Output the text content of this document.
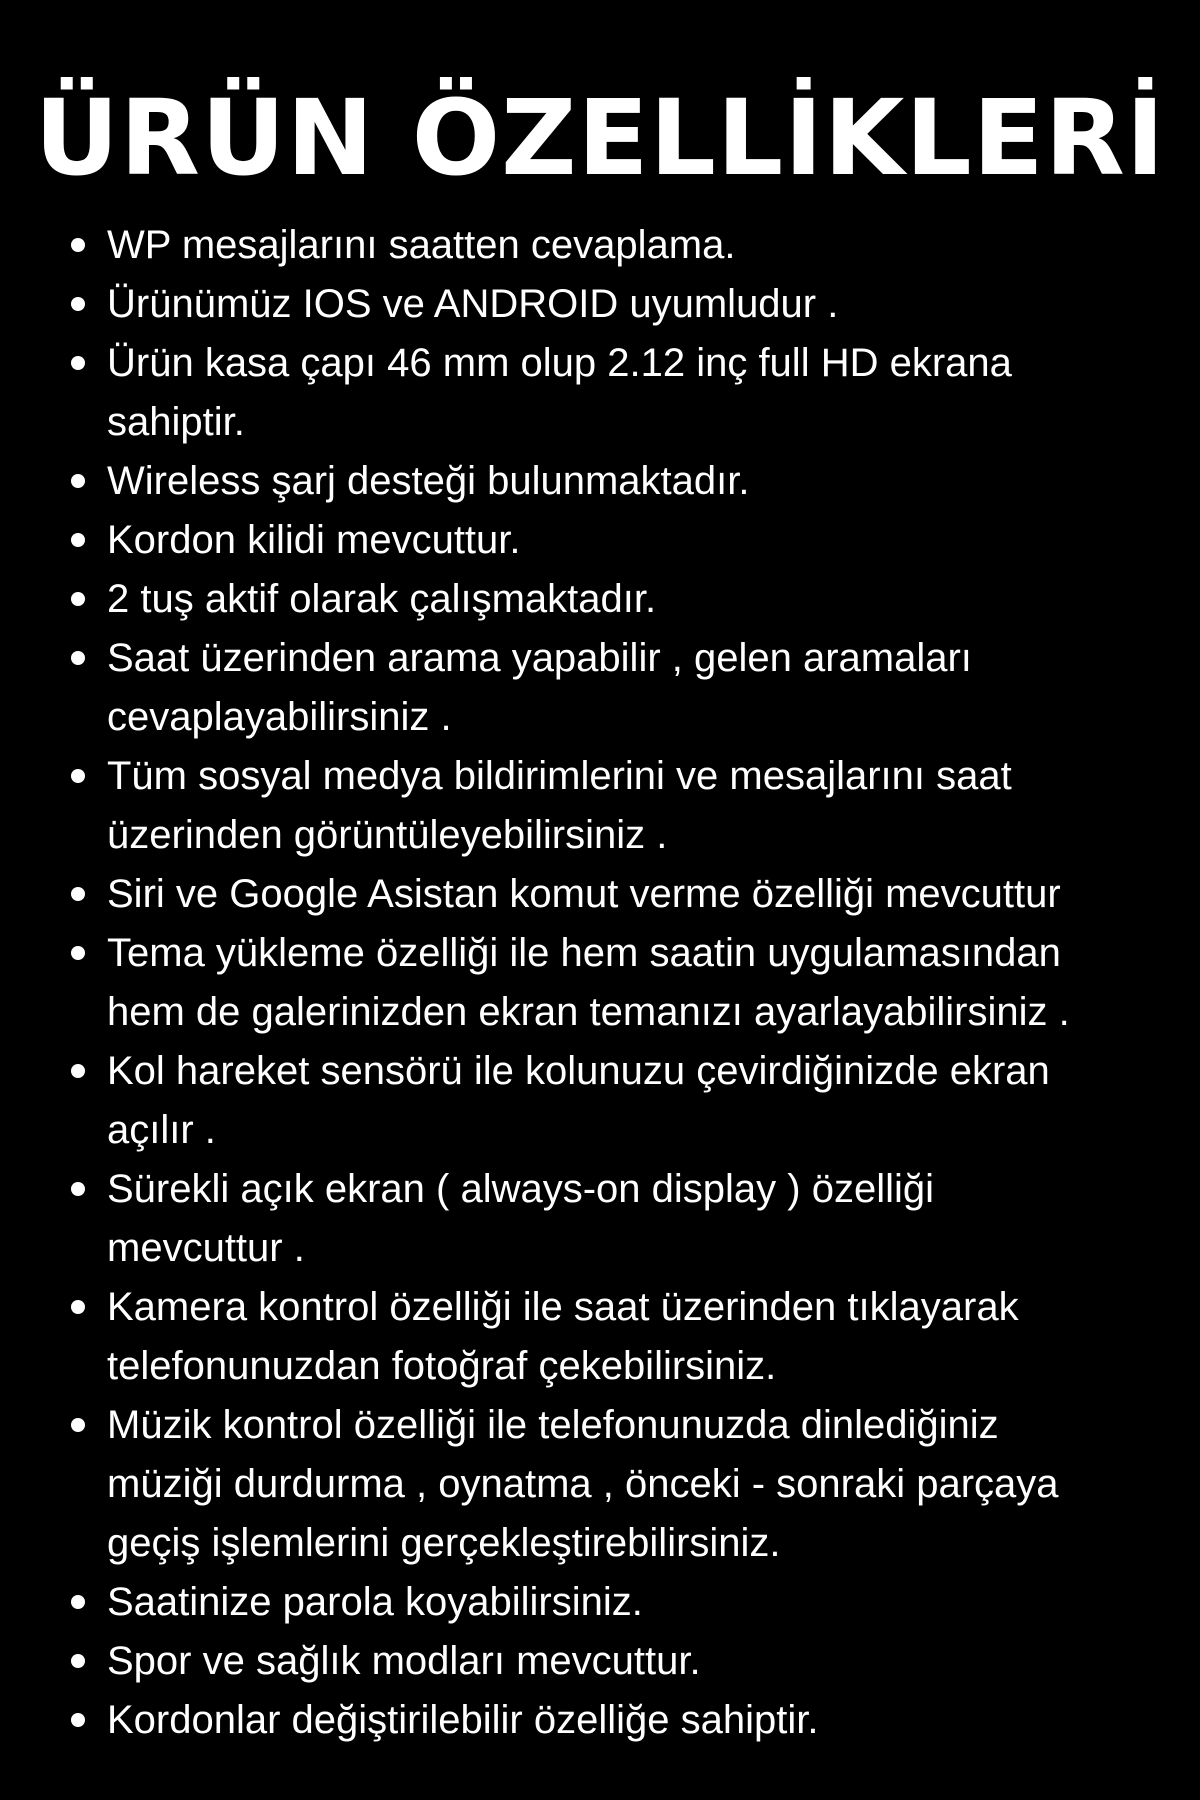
ÜRÜN ÖZELLİKLERİ
WP mesajlarını saatten cevaplama.
Ürünümüz IOS ve ANDROID uyumludur .
Ürün kasa çapı 46 mm olup 2.12 inç full HD ekrana
sahiptir.
Wireless şarj desteği bulunmaktadır.
Kordon kilidi mevcuttur.
2 tuş aktif olarak çalışmaktadır.
Saat üzerinden arama yapabilir , gelen aramaları
cevaplayabilirsiniz .
Tüm sosyal medya bildirimlerini ve mesajlarını saat
üzerinden görüntüleyebilirsiniz .
Siri ve Google Asistan komut verme özelliği mevcuttur
Tema yükleme özelliği ile hem saatin uygulamasından
hem de galerinizden ekran temanızı ayarlayabilirsiniz .
Kol hareket sensörü ile kolunuzu çevirdiğinizde ekran
açılır .
Sürekli açık ekran ( always-on display ) özelliği
mevcuttur .
Kamera kontrol özelliği ile saat üzerinden tıklayarak
telefonunuzdan fotoğraf çekebilirsiniz.
Müzik kontrol özelliği ile telefonunuzda dinlediğiniz
müziği durdurma , oynatma , önceki - sonraki parçaya
geçiş işlemlerini gerçekleştirebilirsiniz.
Saatinize parola koyabilirsiniz.
Spor ve sağlık modları mevcuttur.
Kordonlar değiştirilebilir özelliğe sahiptir.
